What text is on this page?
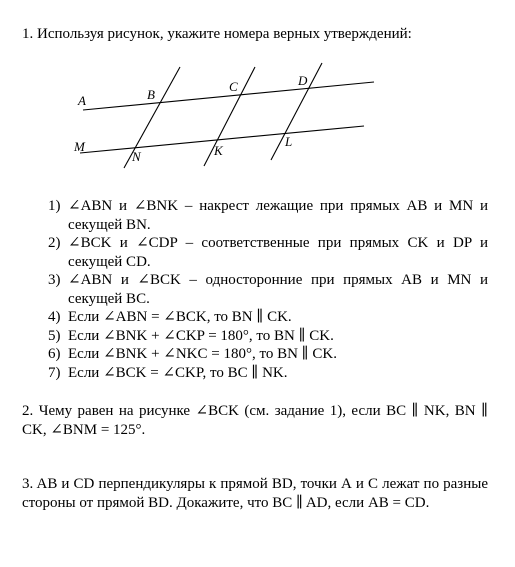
1. Используя рисунок, укажите номера верных утверждений:
A	B
C	D
M
N	K
L
1) ∠ABN и ∠BNK – накрест лежащие при прямых AB и MN и секущей BN.
2) ∠BCK и ∠CDP – соответственные при прямых CK и DP и секущей CD.
3) ∠ABN и ∠BCK – односторонние при прямых AB и MN и секущей BC.
4) Если ∠ABN = ∠BCK, то BN ∥ CK.
5) Если ∠BNK + ∠CKP = 180°, то BN ∥ CK.
6) Если ∠BNK + ∠NKC = 180°, то BN ∥ CK.
7) Если ∠BCK = ∠CKP, то BC ∥ NK.
2. Чему равен на рисунке ∠BCK (см. задание 1), если BC ∥ NK, BN ∥ CK, ∠BNM = 125°.
3. AB и CD перпендикуляры к прямой BD, точки А и С лежат по разные стороны от прямой BD. Докажите, что BC ∥ AD, если AB = CD.
